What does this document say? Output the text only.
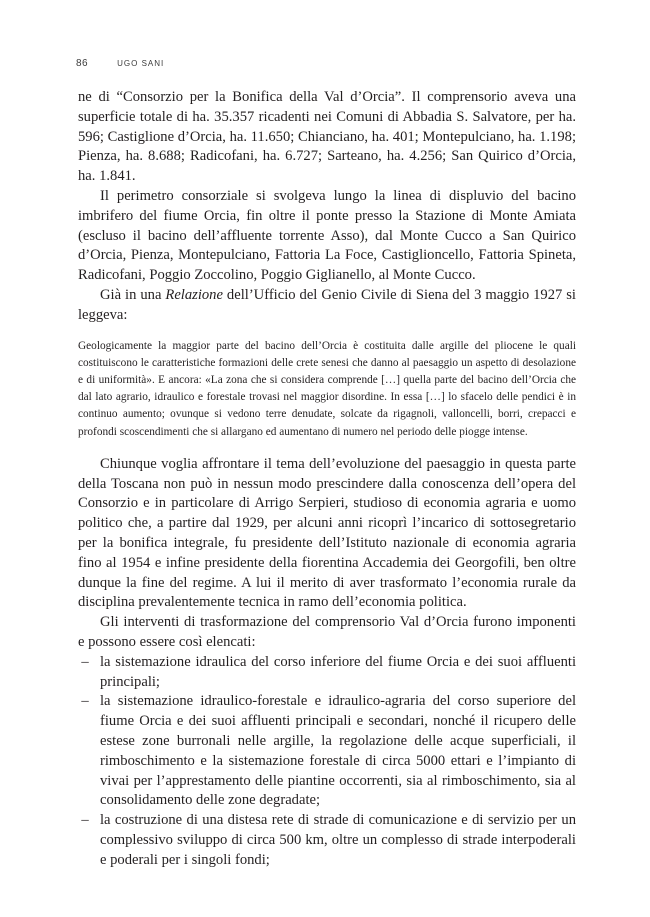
86	UGO SANI

ne di “Consorzio per la Bonifica della Val d’Orcia”. Il comprensorio aveva una superficie totale di ha. 35.357 ricadenti nei Comuni di Abbadia S. Salvatore, per ha. 596; Castiglione d’Orcia, ha. 11.650; Chianciano, ha. 401; Montepulciano, ha. 1.198; Pienza, ha. 8.688; Radicofani, ha. 6.727; Sarteano, ha. 4.256; San Quirico d’Orcia, ha. 1.841.

Il perimetro consorziale si svolgeva lungo la linea di displuvio del bacino imbrifero del fiume Orcia, fin oltre il ponte presso la Stazione di Monte Amiata (escluso il bacino dell’affluente torrente Asso), dal Monte Cucco a San Quirico d’Orcia, Pienza, Montepulciano, Fattoria La Foce, Castiglioncello, Fattoria Spineta, Radicofani, Poggio Zoccolino, Poggio Giglianello, al Monte Cucco.

Già in una Relazione dell’Ufficio del Genio Civile di Siena del 3 maggio 1927 si leggeva:

Geologicamente la maggior parte del bacino dell’Orcia è costituita dalle argille del pliocene le quali costituiscono le caratteristiche formazioni delle crete senesi che danno al paesaggio un aspetto di desolazione e di uniformità». E ancora: «La zona che si considera comprende […] quella parte del bacino dell’Orcia che dal lato agrario, idraulico e forestale trovasi nel maggior disordine. In essa […] lo sfacelo delle pendici è in continuo aumento; ovunque si vedono terre denudate, solcate da rigagnoli, valloncelli, borri, crepacci e profondi scoscendimenti che si allargano ed aumentano di numero nel periodo delle piogge intense.

Chiunque voglia affrontare il tema dell’evoluzione del paesaggio in questa parte della Toscana non può in nessun modo prescindere dalla conoscenza dell’opera del Consorzio e in particolare di Arrigo Serpieri, studioso di economia agraria e uomo politico che, a partire dal 1929, per alcuni anni ricoprì l’incarico di sottosegretario per la bonifica integrale, fu presidente dell’Istituto nazionale di economia agraria fino al 1954 e infine presidente della fiorentina Accademia dei Georgofili, ben oltre dunque la fine del regime. A lui il merito di aver trasformato l’economia rurale da disciplina prevalentemente tecnica in ramo dell’economia politica.

Gli interventi di trasformazione del comprensorio Val d’Orcia furono imponenti e possono essere così elencati:

– la sistemazione idraulica del corso inferiore del fiume Orcia e dei suoi affluenti principali;
– la sistemazione idraulico-forestale e idraulico-agraria del corso superiore del fiume Orcia e dei suoi affluenti principali e secondari, nonché il ricupero delle estese zone burronali nelle argille, la regolazione delle acque superficiali, il rimboschimento e la sistemazione forestale di circa 5000 ettari e l’impianto di vivai per l’apprestamento delle piantine occorrenti, sia al rimboschimento, sia al consolidamento delle zone degradate;
– la costruzione di una distesa rete di strade di comunicazione e di servizio per un complessivo sviluppo di circa 500 km, oltre un complesso di strade interpoderali e poderali per i singoli fondi;
